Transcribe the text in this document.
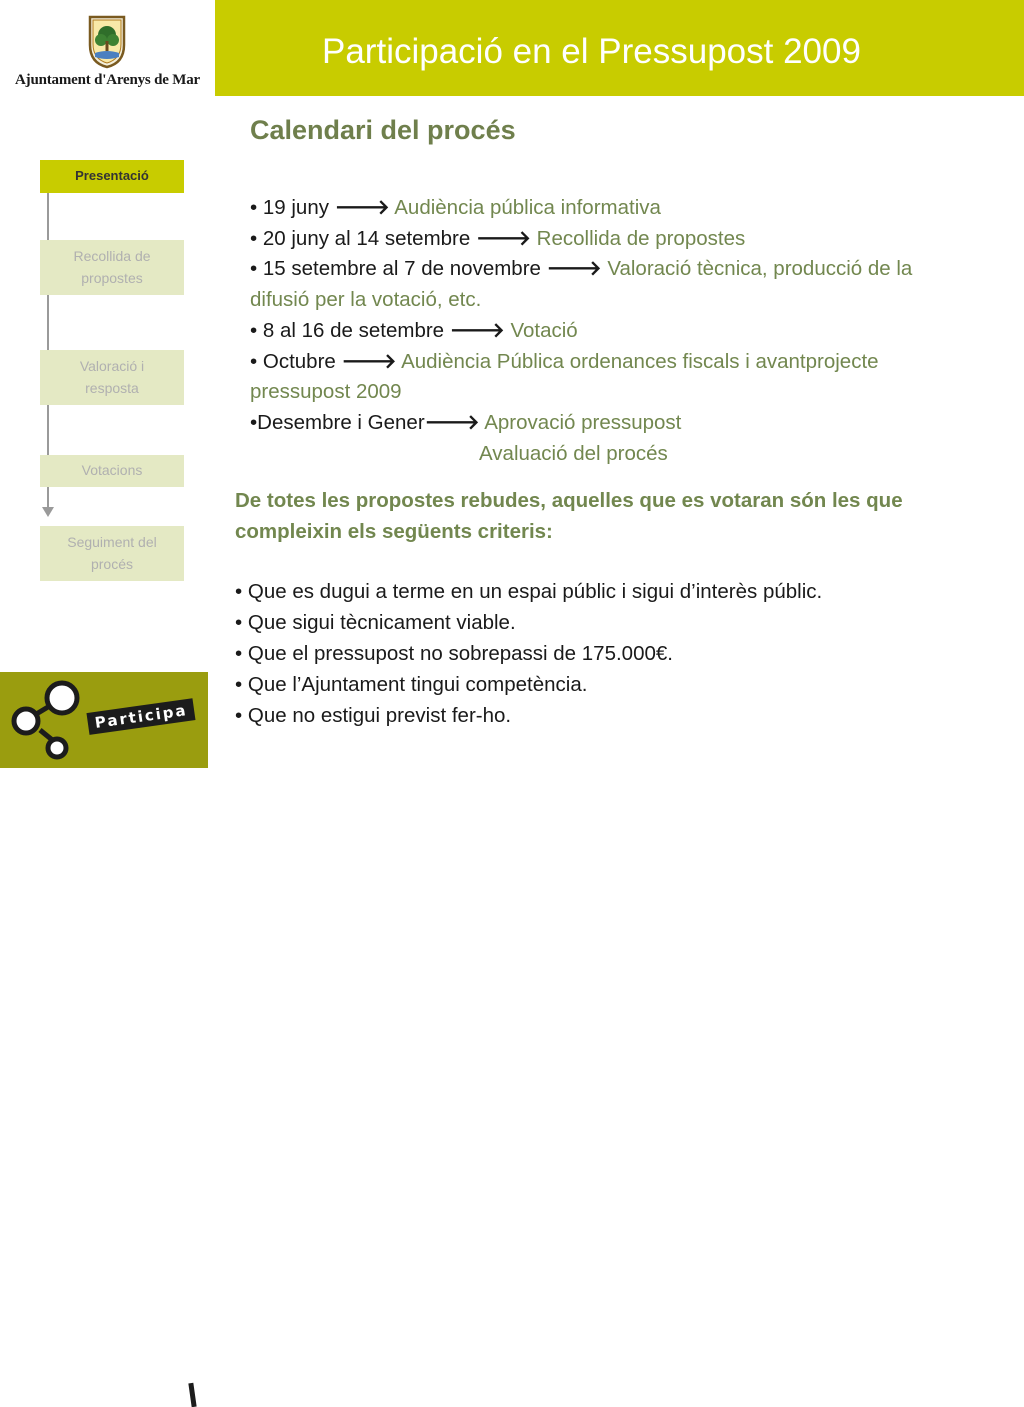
Ajuntament d'Arenys de Mar
Participació en el Pressupost 2009
Presentació
Recollida de propostes
Valoració i resposta
Votacions
Seguiment del procés
Participa
Calendari del procés
• 19 juny 🡒 Audiència pública informativa
• 20 juny al 14 setembre 🡒 Recollida de propostes
• 15 setembre al 7 de novembre 🡒 Valoració tècnica, producció de la
difusió per la votació, etc.
• 8 al 16 de setembre 🡒 Votació
• Octubre 🡒 Audiència Pública ordenances fiscals i avantprojecte
pressupost 2009
•Desembre i Gener🡒 Aprovació pressupost
Avaluació del procés
De totes les propostes rebudes, aquelles que es votaran són les que compleixin els següents criteris:
• Que es dugui a terme en un espai públic i sigui d’interès públic.
• Que sigui tècnicament viable.
• Que el pressupost no sobrepassi de 175.000€.
• Que l’Ajuntament tingui competència.
• Que no estigui previst fer-ho.
